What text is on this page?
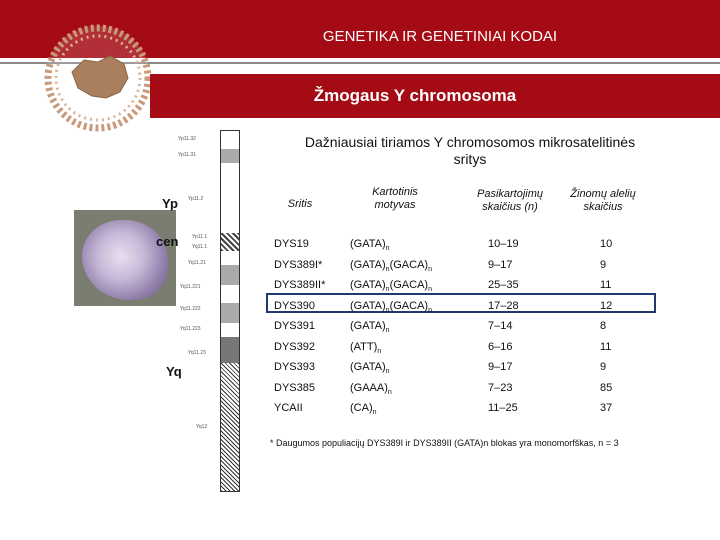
GENETIKA IR GENETINIAI KODAI
Žmogaus Y chromosoma
Yp11.32
Yp11.31
Yp11.2
Yp11.1
Yq11.1
Yq11.21
Yq11.221
Yq11.222
Yq11.223
Yq11.23
Yq12
Yp
cen
Yq
Dažniausiai tiriamos Y chromosomos mikrosatelitinės sritys
Sritis
Kartotinis motyvas
Pasikartojimų skaičius (n)
Žinomų alelių skaičius
DYS19	$(GATA)_n$	10–19	10
DYS389I*	$(GATA)_n(GACA)_n$	9–17	9
DYS389II* $(GATA)_n(GACA)_n$	25–35	11
DYS390	$(GATA)_n(GACA)_n$	17–28	12
DYS391	$(GATA)_n$	7–14	8
DYS392	$(ATT)_n$	6–16	11
DYS393	$(GATA)_n$	9–17	9
DYS385	$(GAAA)_n$	7–23	85
YCAII	$(CA)_n$	11–25	37
* Daugumos populiacijų DYS389I ir DYS389II (GATA)n blokas yra monomorfškas, n = 3
